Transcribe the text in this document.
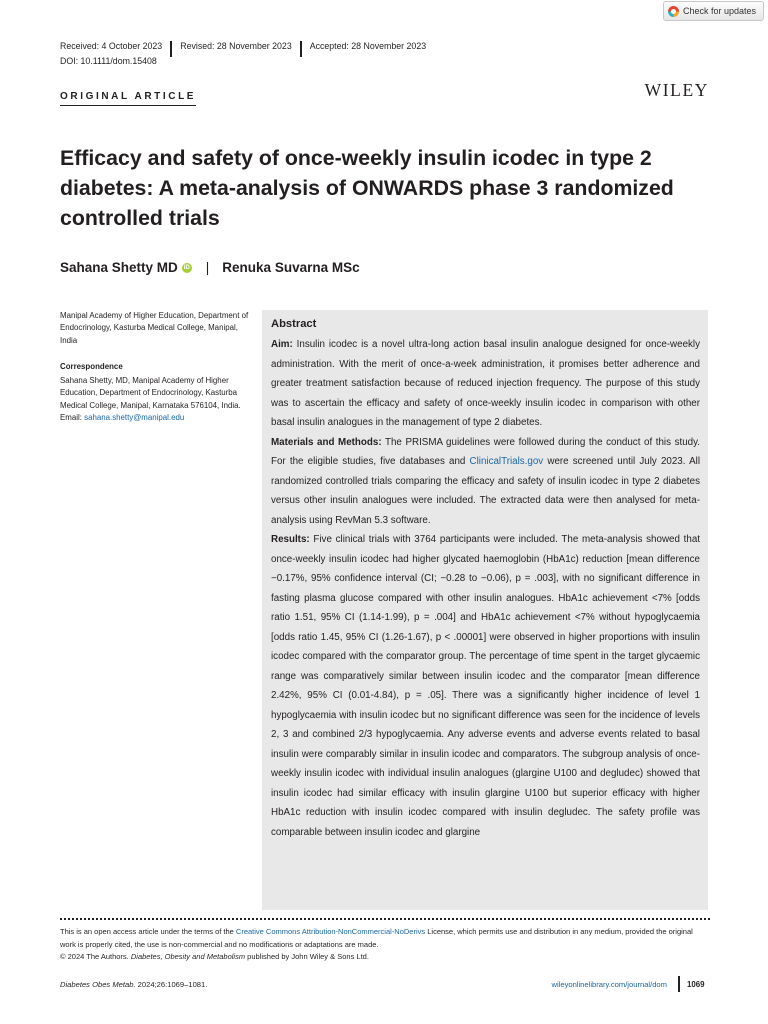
Check for updates
Received: 4 October 2023 Revised: 28 November 2023 Accepted: 28 November 2023
DOI: 10.1111/dom.15408
ORIGINAL ARTICLE	WILEY
Efficacy and safety of once-weekly insulin icodec in type 2 diabetes: A meta-analysis of ONWARDS phase 3 randomized controlled trials
Sahana Shetty MD	iD | Renuka Suvarna MSc
Manipal Academy of Higher Education, Department of Endocrinology, Kasturba Medical College, Manipal, India
Correspondence
Sahana Shetty, MD, Manipal Academy of Higher Education, Department of Endocrinology, Kasturba Medical College, Manipal, Karnataka 576104, India.
Email: sahana.shetty@manipal.edu
Abstract

Aim: Insulin icodec is a novel ultra-long action basal insulin analogue designed for once-weekly administration. With the merit of once-a-week administration, it promises better adherence and greater treatment satisfaction because of reduced injection frequency. The purpose of this study was to ascertain the efficacy and safety of once-weekly insulin icodec in comparison with other basal insulin analogues in the management of type 2 diabetes.

Materials and Methods: The PRISMA guidelines were followed during the conduct of this study. For the eligible studies, five databases and ClinicalTrials.gov were screened until July 2023. All randomized controlled trials comparing the efficacy and safety of insulin icodec in type 2 diabetes versus other insulin analogues were included. The extracted data were then analysed for meta-analysis using RevMan 5.3 software.

Results: Five clinical trials with 3764 participants were included. The meta-analysis showed that once-weekly insulin icodec had higher glycated haemoglobin (HbA1c) reduction [mean difference −0.17%, 95% confidence interval (CI; −0.28 to −0.06), p = .003], with no significant difference in fasting plasma glucose compared with other insulin analogues. HbA1c achievement <7% [odds ratio 1.51, 95% CI (1.14-1.99), p = .004] and HbA1c achievement <7% without hypoglycaemia [odds ratio 1.45, 95% CI (1.26-1.67), p < .00001] were observed in higher proportions with insulin icodec compared with the comparator group. The percentage of time spent in the target glycaemic range was comparatively similar between insulin icodec and the comparator [mean difference 2.42%, 95% CI (0.01-4.84), p = .05]. There was a significantly higher incidence of level 1 hypoglycaemia with insulin icodec but no significant difference was seen for the incidence of levels 2, 3 and combined 2/3 hypoglycaemia. Any adverse events and adverse events related to basal insulin were comparably similar in insulin icodec and comparators. The subgroup analysis of once-weekly insulin icodec with individual insulin analogues (glargine U100 and degludec) showed that insulin icodec had similar efficacy with insulin glargine U100 but superior efficacy with higher HbA1c reduction with insulin icodec compared with insulin degludec. The safety profile was comparable between insulin icodec and glargine

This is an open access article under the terms of the Creative Commons Attribution-NonCommercial-NoDerivs License, which permits use and distribution in any medium, provided the original work is properly cited, the use is non-commercial and no modifications or adaptations are made.
© 2024 The Authors. Diabetes, Obesity and Metabolism published by John Wiley & Sons Ltd.
Diabetes Obes Metab. 2024;26:1069–1081.	wileyonlinelibrary.com/journal/dom	1069
